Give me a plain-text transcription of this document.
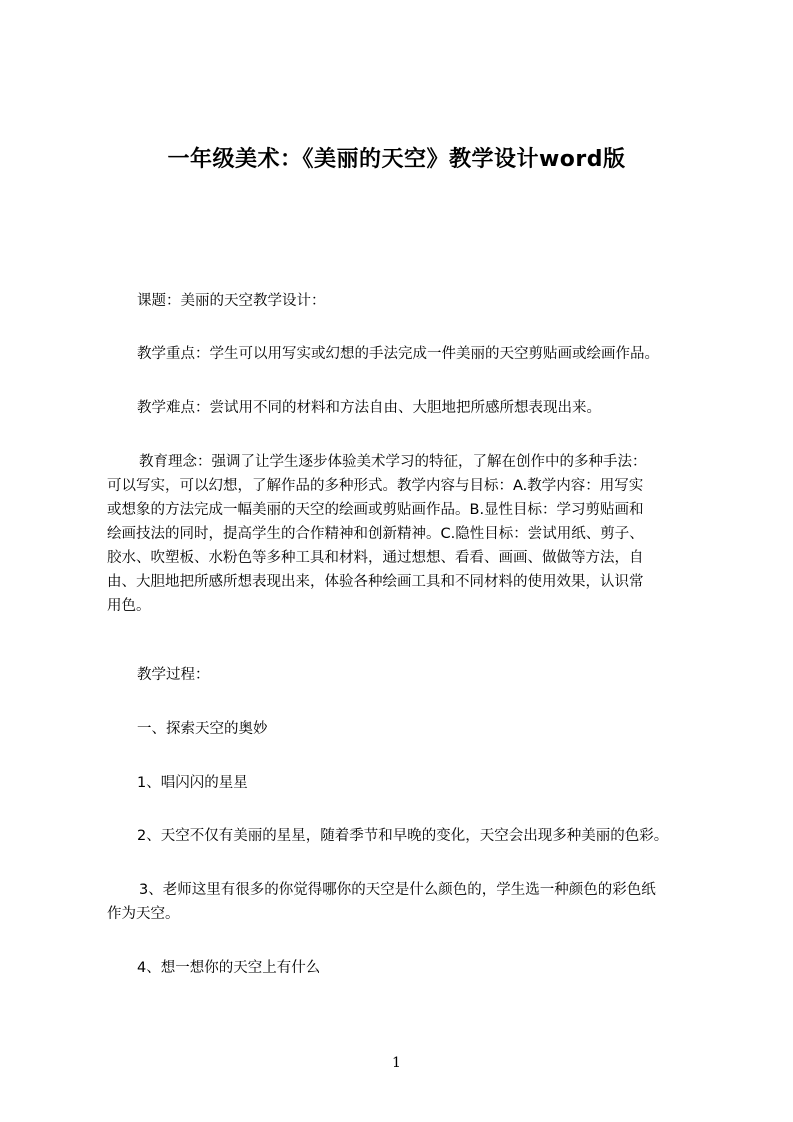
一年级美术：《美丽的天空》教学设计word版

课题：美丽的天空教学设计：

教学重点：学生可以用写实或幻想的手法完成一件美丽的天空剪贴画或绘画作品。

教学难点：尝试用不同的材料和方法自由、大胆地把所感所想表现出来。

教育理念：强调了让学生逐步体验美术学习的特征，了解在创作中的多种手法：
可以写实，可以幻想，了解作品的多种形式。教学内容与目标：A.教学内容：用写实
或想象的方法完成一幅美丽的天空的绘画或剪贴画作品。B.显性目标：学习剪贴画和
绘画技法的同时，提高学生的合作精神和创新精神。C.隐性目标：尝试用纸、剪子、
胶水、吹塑板、水粉色等多种工具和材料，通过想想、看看、画画、做做等方法，自
由、大胆地把所感所想表现出来，体验各种绘画工具和不同材料的使用效果，认识常
用色。

教学过程：

一、探索天空的奥妙

1、唱闪闪的星星

2、天空不仅有美丽的星星，随着季节和早晚的变化，天空会出现多种美丽的色彩。

3、老师这里有很多的你觉得哪你的天空是什么颜色的，学生选一种颜色的彩色纸
作为天空。

4、想一想你的天空上有什么

1
